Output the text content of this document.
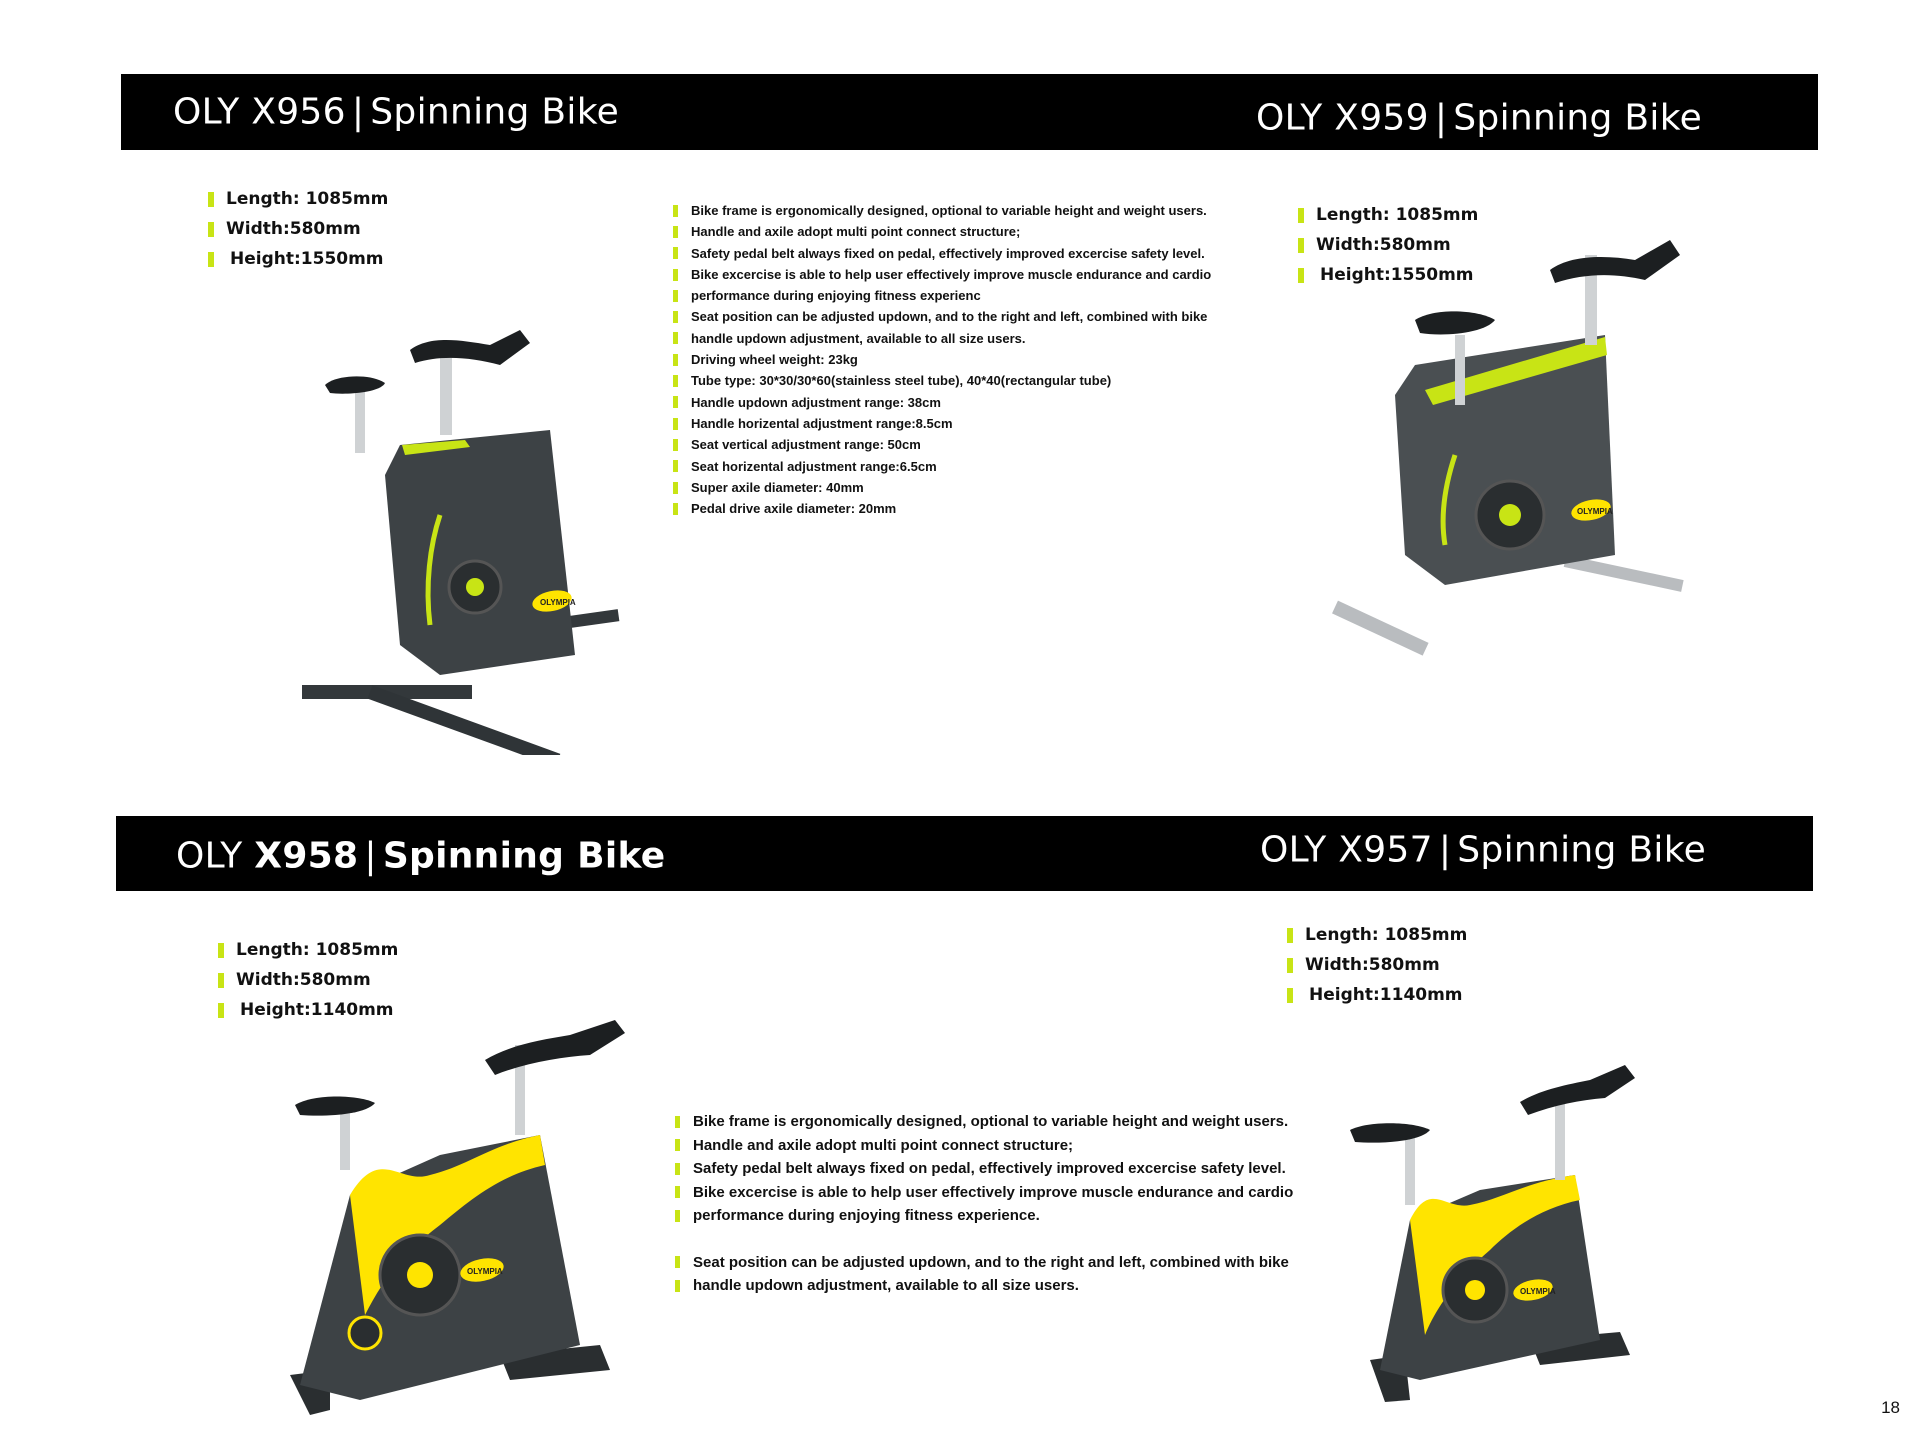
OLY X956 | Spinning Bike	OLY X959 | Spinning Bike
OLY X958 | Spinning Bike	OLY X957 | Spinning Bike
Length: 1085mm
Width:580mm
Height:1550mm
Length: 1085mm
Width:580mm
Height:1550mm
Length: 1085mm
Width:580mm
Height:1140mm
Length: 1085mm
Width:580mm
Height:1140mm
Bike frame is ergonomically designed, optional to variable height and weight users.
Handle and axile adopt multi point connect structure;
Safety pedal belt always fixed on pedal, effectively improved excercise safety level.
Bike excercise is able to help user effectively improve muscle endurance and cardio
performance during enjoying fitness experienc
Seat position can be adjusted updown, and to the right and left, combined with bike
handle updown adjustment, available to all size users.
Driving wheel weight: 23kg
Tube type: 30*30/30*60(stainless steel tube), 40*40(rectangular tube)
Handle updown adjustment range: 38cm
Handle horizental adjustment range:8.5cm
Seat vertical adjustment range: 50cm
Seat horizental adjustment range:6.5cm
Super axile diameter: 40mm
Pedal drive axile diameter: 20mm
Bike frame is ergonomically designed, optional to variable height and weight users.
Handle and axile adopt multi point connect structure;
Safety pedal belt always fixed on pedal, effectively improved excercise safety level.
Bike excercise is able to help user effectively improve muscle endurance and cardio
performance during enjoying fitness experience.
Seat position can be adjusted updown, and to the right and left, combined with bike
handle updown adjustment, available to all size users.
OLYMPIA
OLYMPIA
OLYMPIA
OLYMPIA
18
